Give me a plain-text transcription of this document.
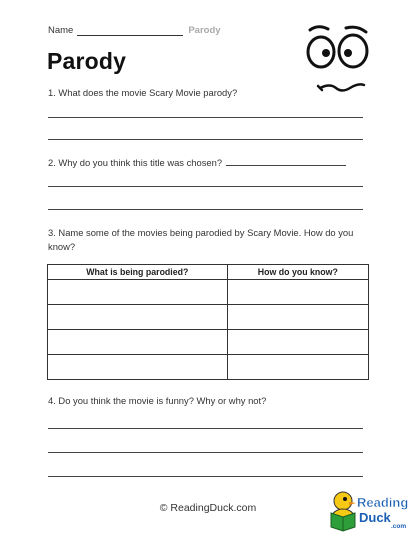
Name	Parody
Parody
1. What does the movie Scary Movie parody?
2. Why do you think this title was chosen?
3. Name some of the movies being parodied by Scary Movie. How do you know?
What is being parodied?	How do you know?

4. Do you think the movie is funny? Why or why not?
© ReadingDuck.com	Reading
Duck
.com
